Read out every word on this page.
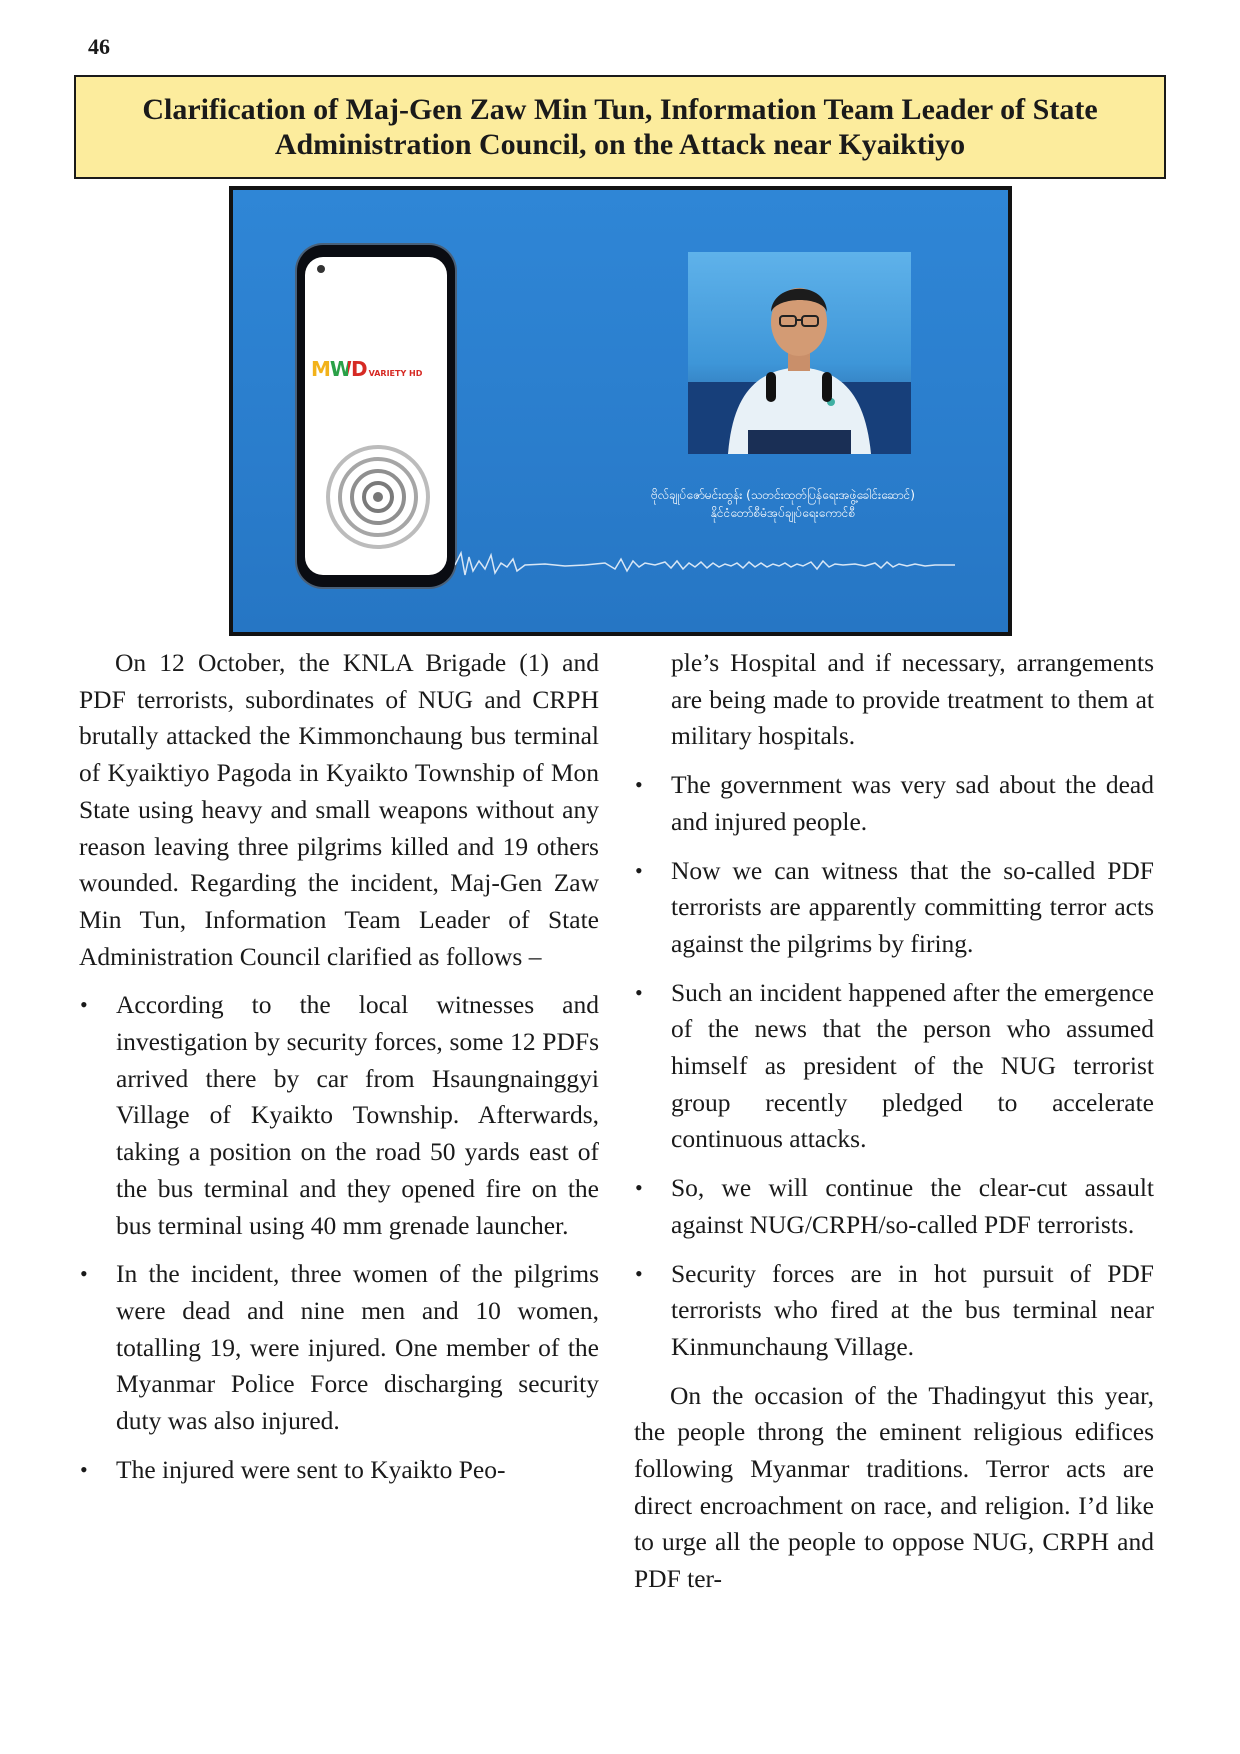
46
Clarification of Maj-Gen Zaw Min Tun, Information Team Leader of State
Administration Council, on the Attack near Kyaiktiyo
MWD VARIETY HD
ဗိုလ်ချုပ်ဇော်မင်းထွန်း (သတင်းထုတ်ပြန်ရေးအဖွဲ့ခေါင်းဆောင်)
နိုင်ငံတော်စီမံအုပ်ချုပ်ရေးကောင်စီ

On 12 October, the KNLA Brigade (1) and PDF terrorists, subordinates of NUG and CRPH brutally attacked the Kimmonchaung bus terminal of Kyaiktiyo Pagoda in Kyaikto Township of Mon State using heavy and small weapons without any reason leaving three pilgrims killed and 19 others wounded. Regarding the incident, Maj-Gen Zaw Min Tun, Information Team Leader of State Administration Council clarified as follows –

• According to the local witnesses and investigation by security forces, some 12 PDFs arrived there by car from Hsaungnainggyi Village of Kyaikto Township. Afterwards, taking a position on the road 50 yards east of the bus terminal and they opened fire on the bus terminal using 40 mm grenade launcher.
• In the incident, three women of the pilgrims were dead and nine men and 10 women, totalling 19, were injured. One member of the Myanmar Police Force discharging security duty was also injured.
• The injured were sent to Kyaikto Peo-

ple’s Hospital and if necessary, arrangements are being made to provide treatment to them at military hospitals.

• The government was very sad about the dead and injured people.
• Now we can witness that the so-called PDF terrorists are apparently committing terror acts against the pilgrims by firing.
• Such an incident happened after the emergence of the news that the person who assumed himself as president of the NUG terrorist group recently pledged to accelerate continuous attacks.
• So, we will continue the clear-cut assault against NUG/CRPH/so-called PDF terrorists.
• Security forces are in hot pursuit of PDF terrorists who fired at the bus terminal near Kinmunchaung Village.

On the occasion of the Thadingyut this year, the people throng the eminent religious edifices following Myanmar traditions. Terror acts are direct encroachment on race, and religion. I’d like to urge all the people to oppose NUG, CRPH and PDF ter-
